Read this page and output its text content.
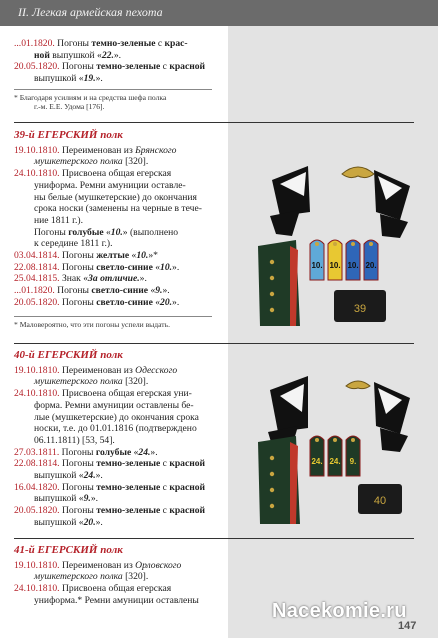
II. Легкая армейская пехота

...01.1820. Погоны темно-зеленые с крас-

ной выпушкой «22.».

20.05.1820. Погоны темно-зеленые с красной

выпушкой «19.».

* Благодаря усилиям и на средства шефа полка

г.-м. Е.Е. Удома [176].

39-й ЕГЕРСКИЙ полк

19.10.1810. Переименован из Брянского

мушкетерского полка [320].

24.10.1810. Присвоена общая егерская

униформа. Ремни амуниции оставле-

ны белые (мушкетерские) до окончания

срока носки (заменены на черные в тече-

ние 1811 г.).

Погоны голубые «10.» (выполнено

к середине 1811 г.).

03.04.1814. Погоны желтые «10.»*

22.08.1814. Погоны светло-синие «10.».

25.04.1815. Знак «За отличие.».

...01.1820. Погоны светло-синие «9.».

20.05.1820. Погоны светло-синие «20.».

* Маловероятно, что эти погоны успели выдать.

40-й ЕГЕРСКИЙ полк

19.10.1810. Переименован из Одесского

мушкетерского полка [320].

24.10.1810. Присвоена общая егерская уни-

форма. Ремни амуниции оставлены бе-

лые (мушкетерские) до окончания срока

носки, т.е. до 01.01.1816 (подтверждено

06.11.1811) [53, 54].

27.03.1811. Погоны голубые «24.».

22.08.1814. Погоны темно-зеленые с красной

выпушкой «24.».

16.04.1820. Погоны темно-зеленые с красной

выпушкой «9.».

20.05.1820. Погоны темно-зеленые с красной

выпушкой «20.».

41-й ЕГЕРСКИЙ полк

19.10.1810. Переименован из Орловского

мушкетерского полка [320].

24.10.1810. Присвоена общая егерская

униформа.* Ремни амуниции оставлены

10. 10. 10. 20.
39
24. 24. 9.
40
Nacekomie.ru
147
